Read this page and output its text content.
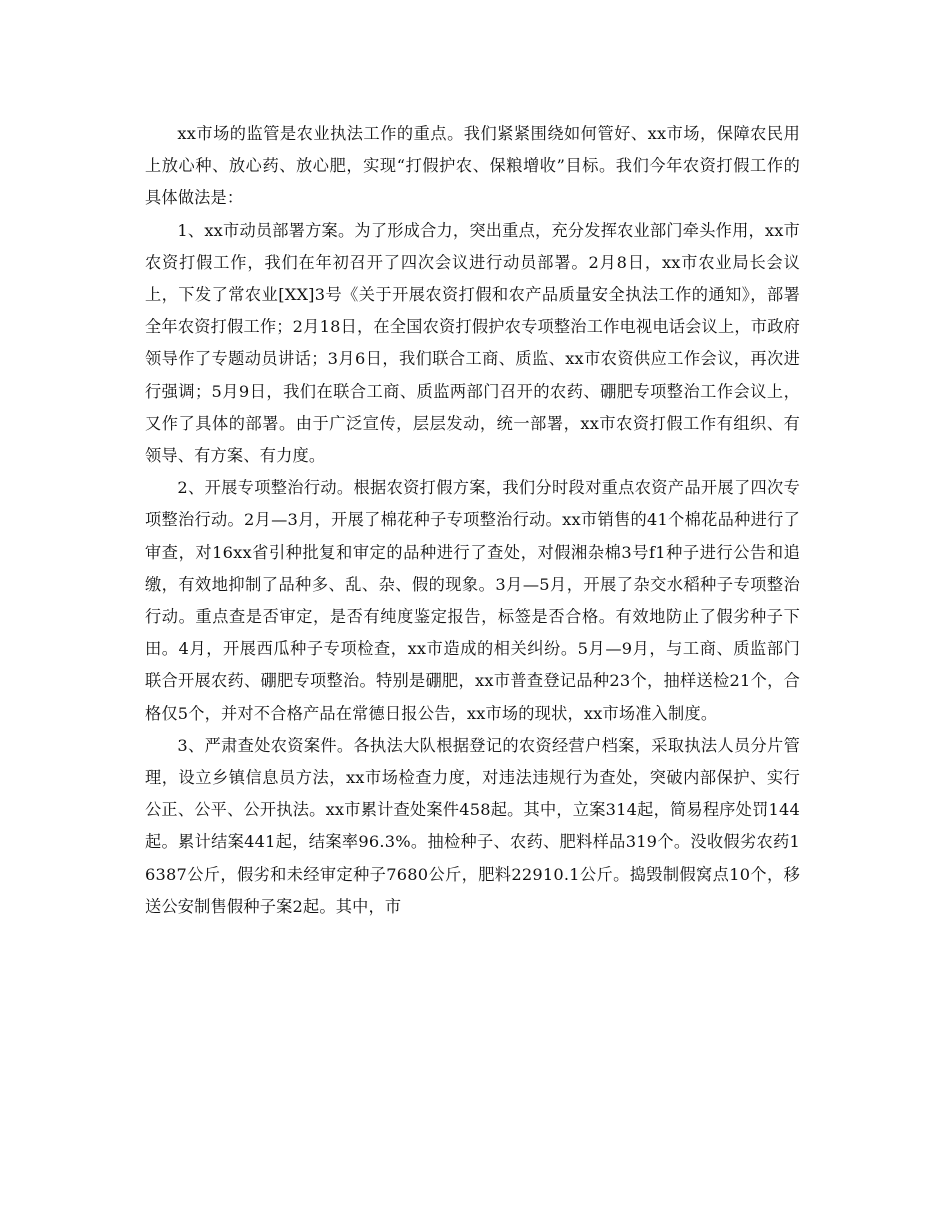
xx市场的监管是农业执法工作的重点。我们紧紧围绕如何管好、xx市场，保障农民用上放心种、放心药、放心肥，实现“打假护农、保粮增收”目标。我们今年农资打假工作的具体做法是：

1、xx市动员部署方案。为了形成合力，突出重点，充分发挥农业部门牵头作用，xx市农资打假工作，我们在年初召开了四次会议进行动员部署。2月8日，xx市农业局长会议上，下发了常农业[XX]3号《关于开展农资打假和农产品质量安全执法工作的通知》，部署全年农资打假工作；2月18日，在全国农资打假护农专项整治工作电视电话会议上，市政府领导作了专题动员讲话；3月6日，我们联合工商、质监、xx市农资供应工作会议，再次进行强调；5月9日，我们在联合工商、质监两部门召开的农药、硼肥专项整治工作会议上，又作了具体的部署。由于广泛宣传，层层发动，统一部署，xx市农资打假工作有组织、有领导、有方案、有力度。

2、开展专项整治行动。根据农资打假方案，我们分时段对重点农资产品开展了四次专项整治行动。2月—3月，开展了棉花种子专项整治行动。xx市销售的41个棉花品种进行了审查，对16xx省引种批复和审定的品种进行了查处，对假湘杂棉3号f1种子进行公告和追缴，有效地抑制了品种多、乱、杂、假的现象。3月—5月，开展了杂交水稻种子专项整治行动。重点查是否审定，是否有纯度鉴定报告，标签是否合格。有效地防止了假劣种子下田。4月，开展西瓜种子专项检查，xx市造成的相关纠纷。5月—9月，与工商、质监部门联合开展农药、硼肥专项整治。特别是硼肥，xx市普查登记品种23个，抽样送检21个，合格仅5个，并对不合格产品在常德日报公告，xx市场的现状，xx市场准入制度。

3、严肃查处农资案件。各执法大队根据登记的农资经营户档案，采取执法人员分片管理，设立乡镇信息员方法，xx市场检查力度，对违法违规行为查处，突破内部保护、实行公正、公平、公开执法。xx市累计查处案件458起。其中，立案314起，简易程序处罚144起。累计结案441起，结案率96.3%。抽检种子、农药、肥料样品319个。没收假劣农药16387公斤，假劣和未经审定种子7680公斤，肥料22910.1公斤。捣毁制假窝点10个，移送公安制售假种子案2起。其中，市
